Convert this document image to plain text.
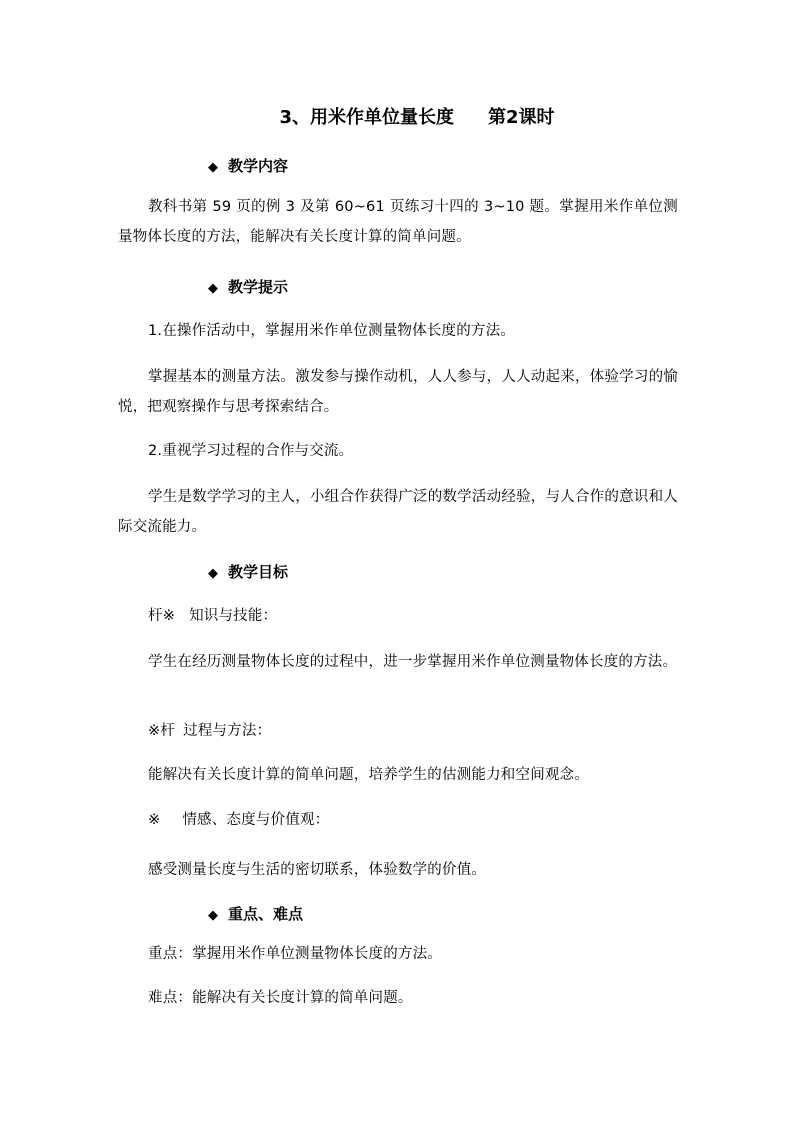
3、用米作单位量长度 第2课时
◆ 教学内容
教科书第 59 页的例 3 及第 60~61 页练习十四的 3~10 题。掌握用米作单位测量物体长度的方法，能解决有关长度计算的简单问题。
◆ 教学提示
1.在操作活动中，掌握用米作单位测量物体长度的方法。
掌握基本的测量方法。激发参与操作动机，人人参与，人人动起来，体验学习的愉悦，把观察操作与思考探索结合。
2.重视学习过程的合作与交流。
学生是数学学习的主人，小组合作获得广泛的数学活动经验，与人合作的意识和人际交流能力。
◆ 教学目标
杆※ 知识与技能：
学生在经历测量物体长度的过程中，进一步掌握用米作单位测量物体长度的方法。
※杆 过程与方法：
能解决有关长度计算的简单问题，培养学生的估测能力和空间观念。
※ 情感、态度与价值观：
感受测量长度与生活的密切联系，体验数学的价值。
◆ 重点、难点
重点：掌握用米作单位测量物体长度的方法。
难点：能解决有关长度计算的简单问题。
